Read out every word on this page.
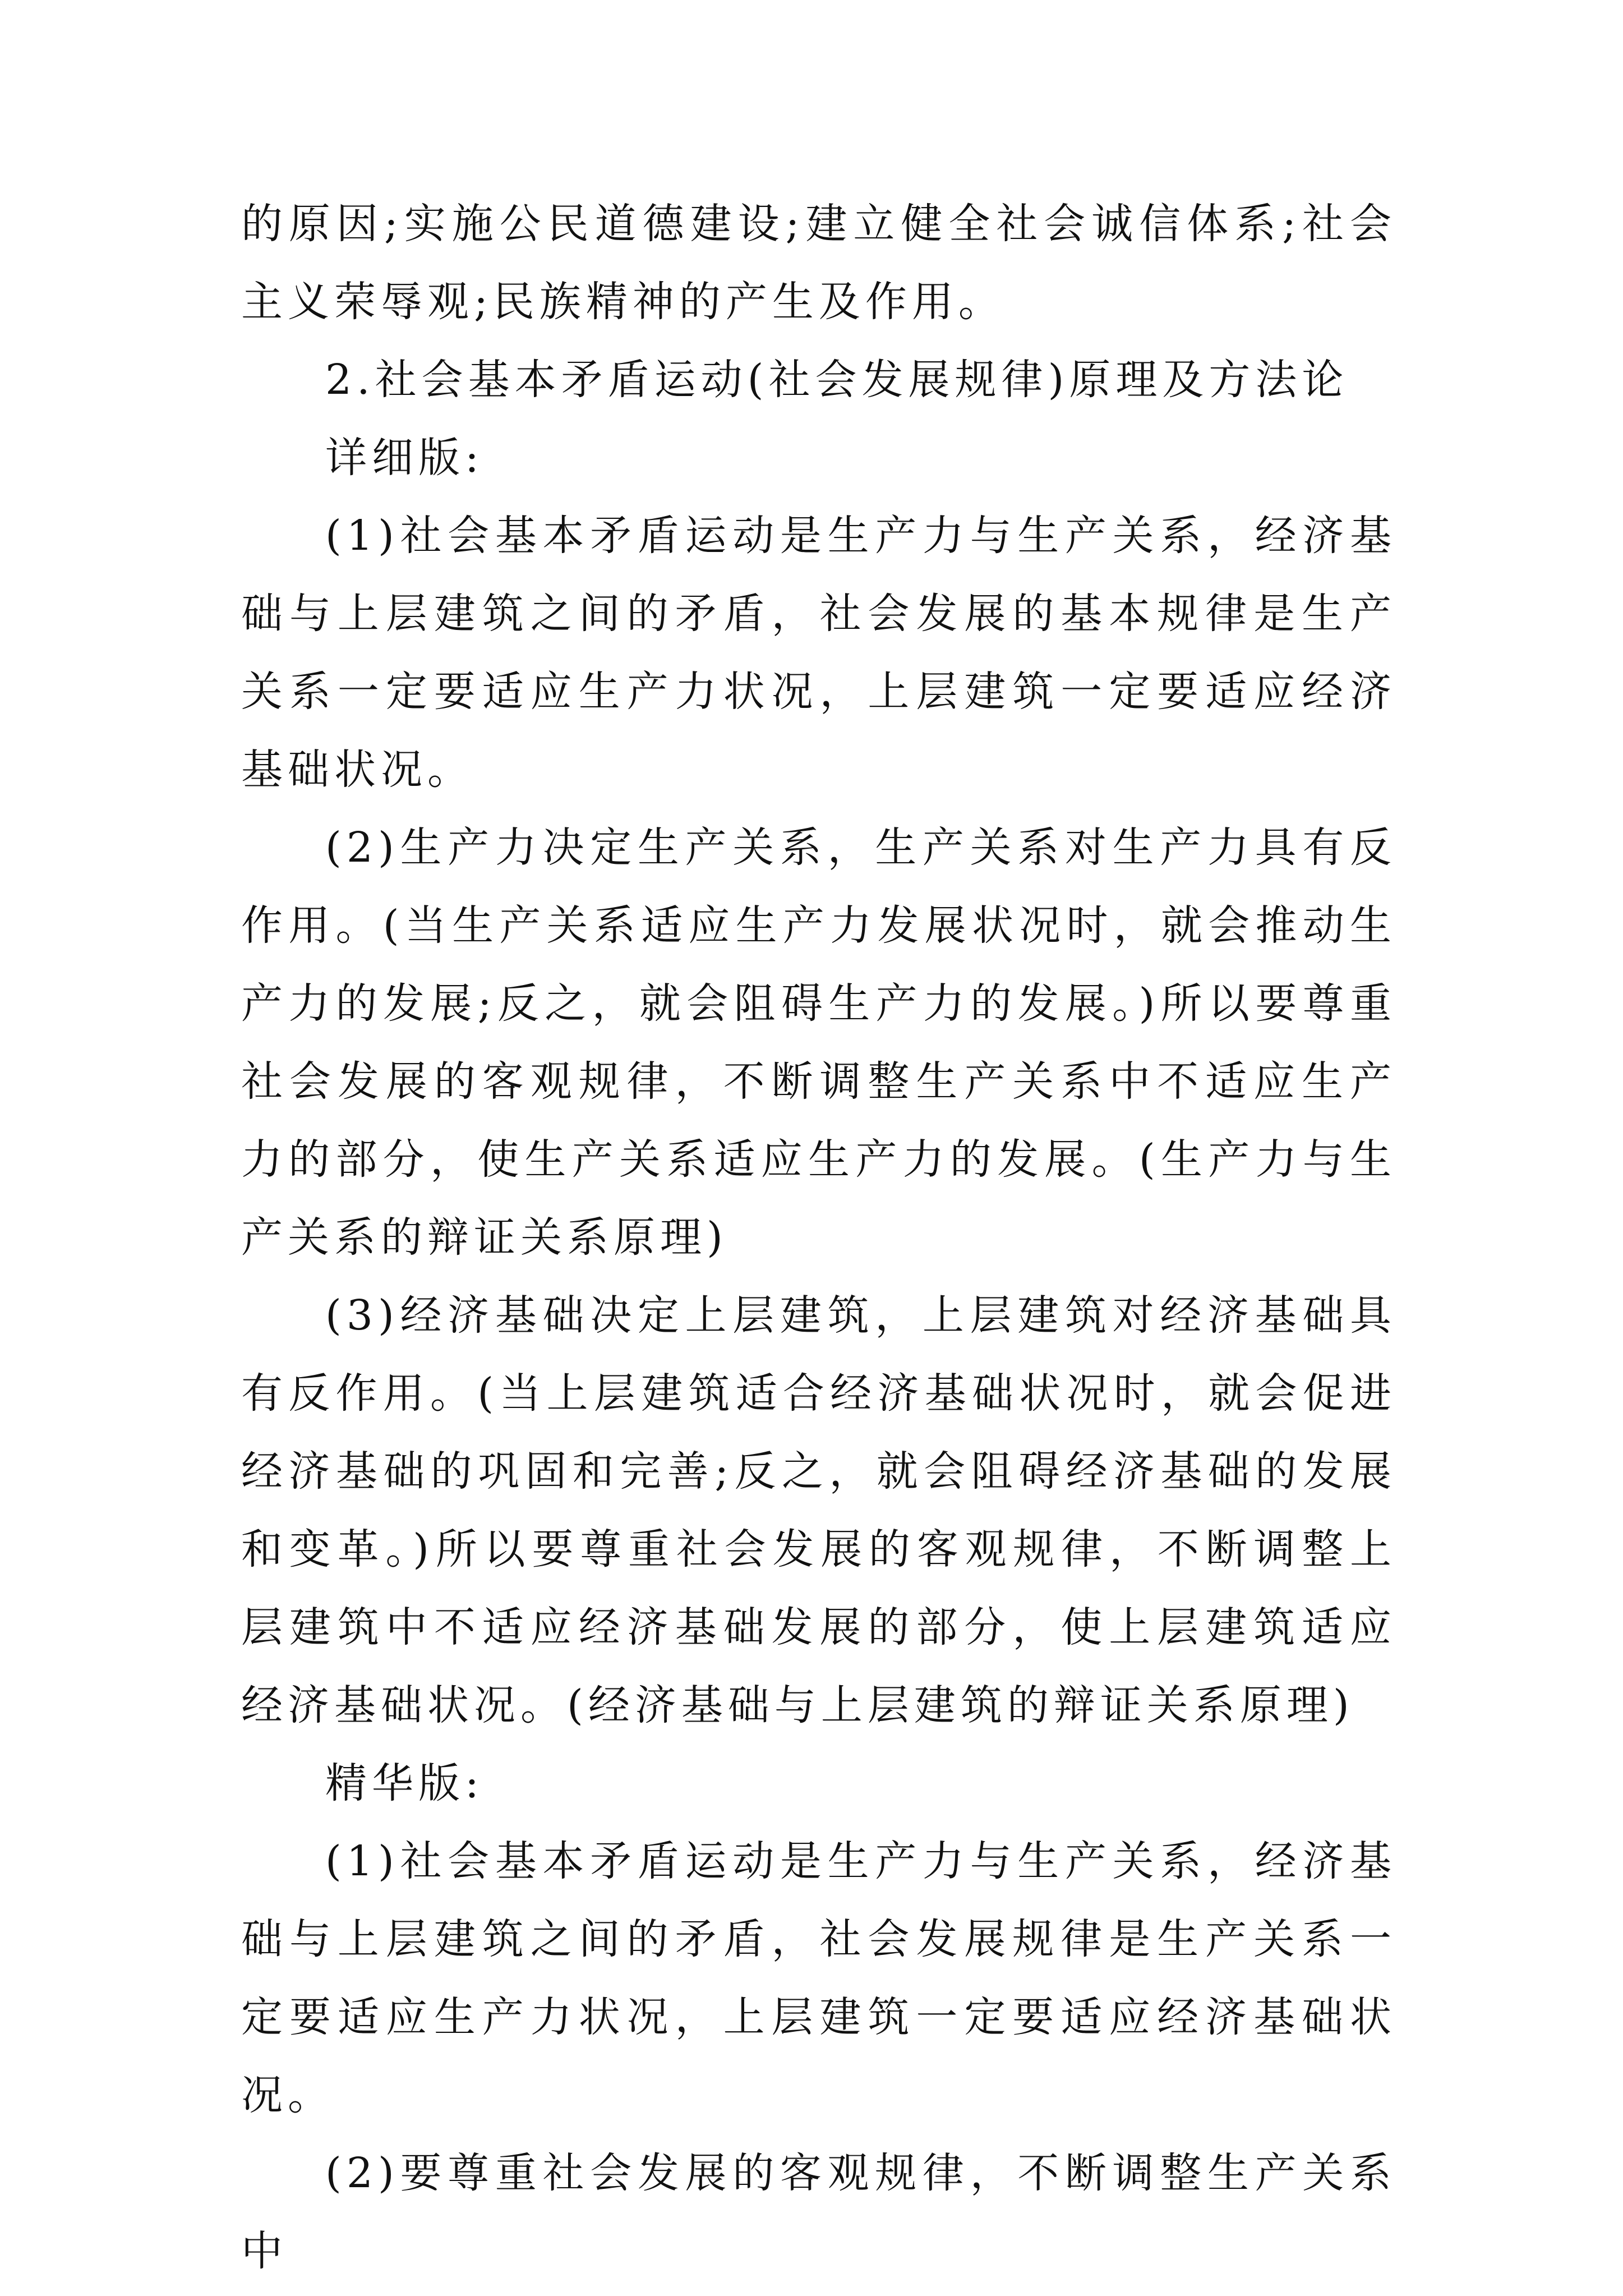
的原因;实施公民道德建设;建立健全社会诚信体系;社会主义荣辱观;民族精神的产生及作用。

2.社会基本矛盾运动(社会发展规律)原理及方法论

详细版:

(1)社会基本矛盾运动是生产力与生产关系，经济基础与上层建筑之间的矛盾，社会发展的基本规律是生产关系一定要适应生产力状况，上层建筑一定要适应经济基础状况。

(2)生产力决定生产关系，生产关系对生产力具有反作用。(当生产关系适应生产力发展状况时，就会推动生产力的发展;反之，就会阻碍生产力的发展。)所以要尊重社会发展的客观规律，不断调整生产关系中不适应生产力的部分，使生产关系适应生产力的发展。(生产力与生产关系的辩证关系原理)

(3)经济基础决定上层建筑，上层建筑对经济基础具有反作用。(当上层建筑适合经济基础状况时，就会促进经济基础的巩固和完善;反之，就会阻碍经济基础的发展和变革。)所以要尊重社会发展的客观规律，不断调整上层建筑中不适应经济基础发展的部分，使上层建筑适应经济基础状况。(经济基础与上层建筑的辩证关系原理)

精华版:

(1)社会基本矛盾运动是生产力与生产关系，经济基础与上层建筑之间的矛盾，社会发展规律是生产关系一定要适应生产力状况，上层建筑一定要适应经济基础状况。

(2)要尊重社会发展的客观规律，不断调整生产关系中
